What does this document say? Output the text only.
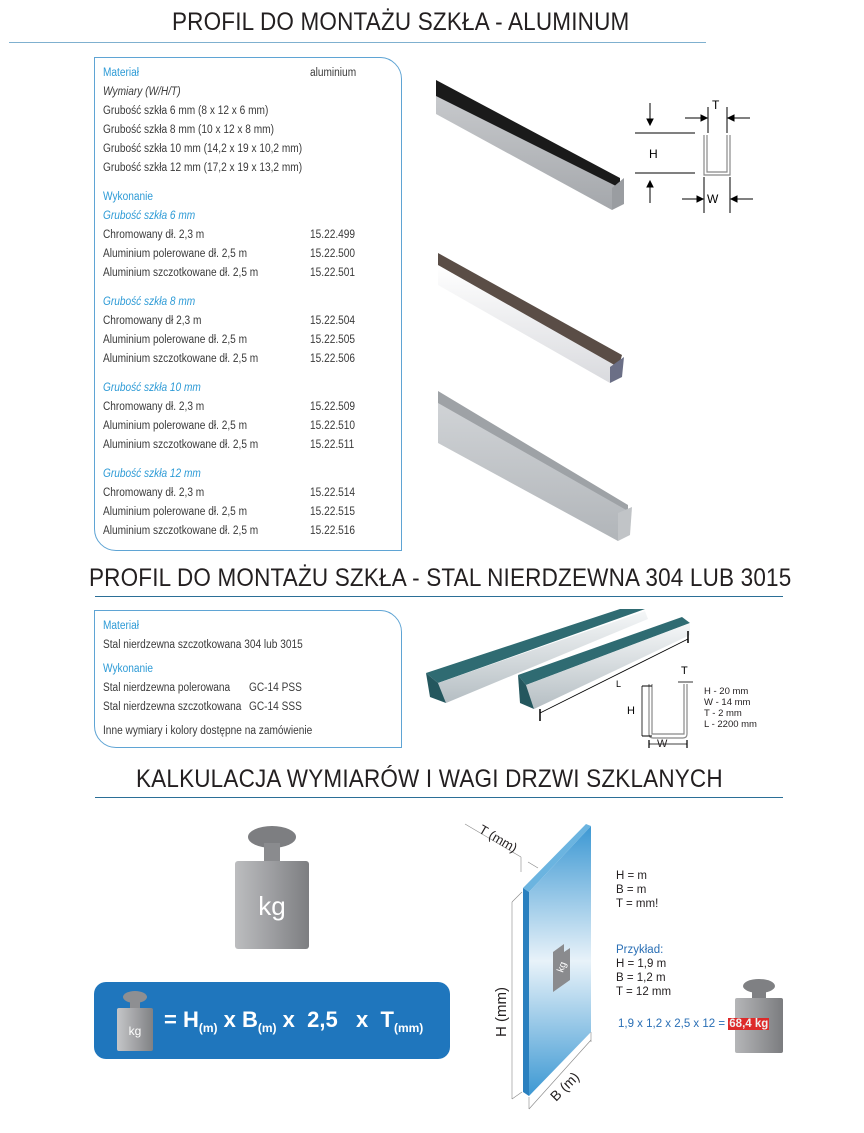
PROFIL DO MONTAŻU SZKŁA - ALUMINUM
Materiał	aluminium
Wymiary (W/H/T)
Grubość szkła 6 mm (8 x 12 x 6 mm)
Grubość szkła 8 mm (10 x 12 x 8 mm)
Grubość szkła 10 mm (14,2 x 19 x 10,2 mm)
Grubość szkła 12 mm (17,2 x 19 x 13,2 mm)
Wykonanie
Grubość szkła 6 mm
Chromowany dł. 2,3 m	15.22.499
Aluminium polerowane dł. 2,5 m	15.22.500
Aluminium szczotkowane dł. 2,5 m	15.22.501
Grubość szkła 8 mm
Chromowany dł 2,3 m	15.22.504
Aluminium polerowane dł. 2,5 m	15.22.505
Aluminium szczotkowane dł. 2,5 m	15.22.506
Grubość szkła 10 mm
Chromowany dł. 2,3 m	15.22.509
Aluminium polerowane dł. 2,5 m	15.22.510
Aluminium szczotkowane dł. 2,5 m	15.22.511
Grubość szkła 12 mm
Chromowany dł. 2,3 m	15.22.514
Aluminium polerowane dł. 2,5 m	15.22.515
Aluminium szczotkowane dł. 2,5 m	15.22.516
T
H
W
PROFIL DO MONTAŻU SZKŁA - STAL NIERDZEWNA 304 LUB 3015
Materiał
Stal nierdzewna szczotkowana 304 lub 3015
Wykonanie
Stal nierdzewna polerowana GC-14 PSS
Stal nierdzewna szczotkowana GC-14 SSS
Inne wymiary i kolory dostępne na zamówienie
L
T
H
W
H - 20 mm
W - 14 mm
T - 2 mm
L - 2200 mm
KALKULACJA WYMIARÓW I WAGI DRZWI SZKLANYCH
kg
kg = $H_{(m)}$ x $B_{(m)}$ x  2,5   x  $T_{(mm)}$
kg
T (mm)
H (mm)
B (m)
H = m
B = m
T = mm!
Przykład:
H = 1,9 m
B = 1,2 m
T = 12 mm
1,9 x 1,2 x 2,5 x 12 = 68,4 kg
